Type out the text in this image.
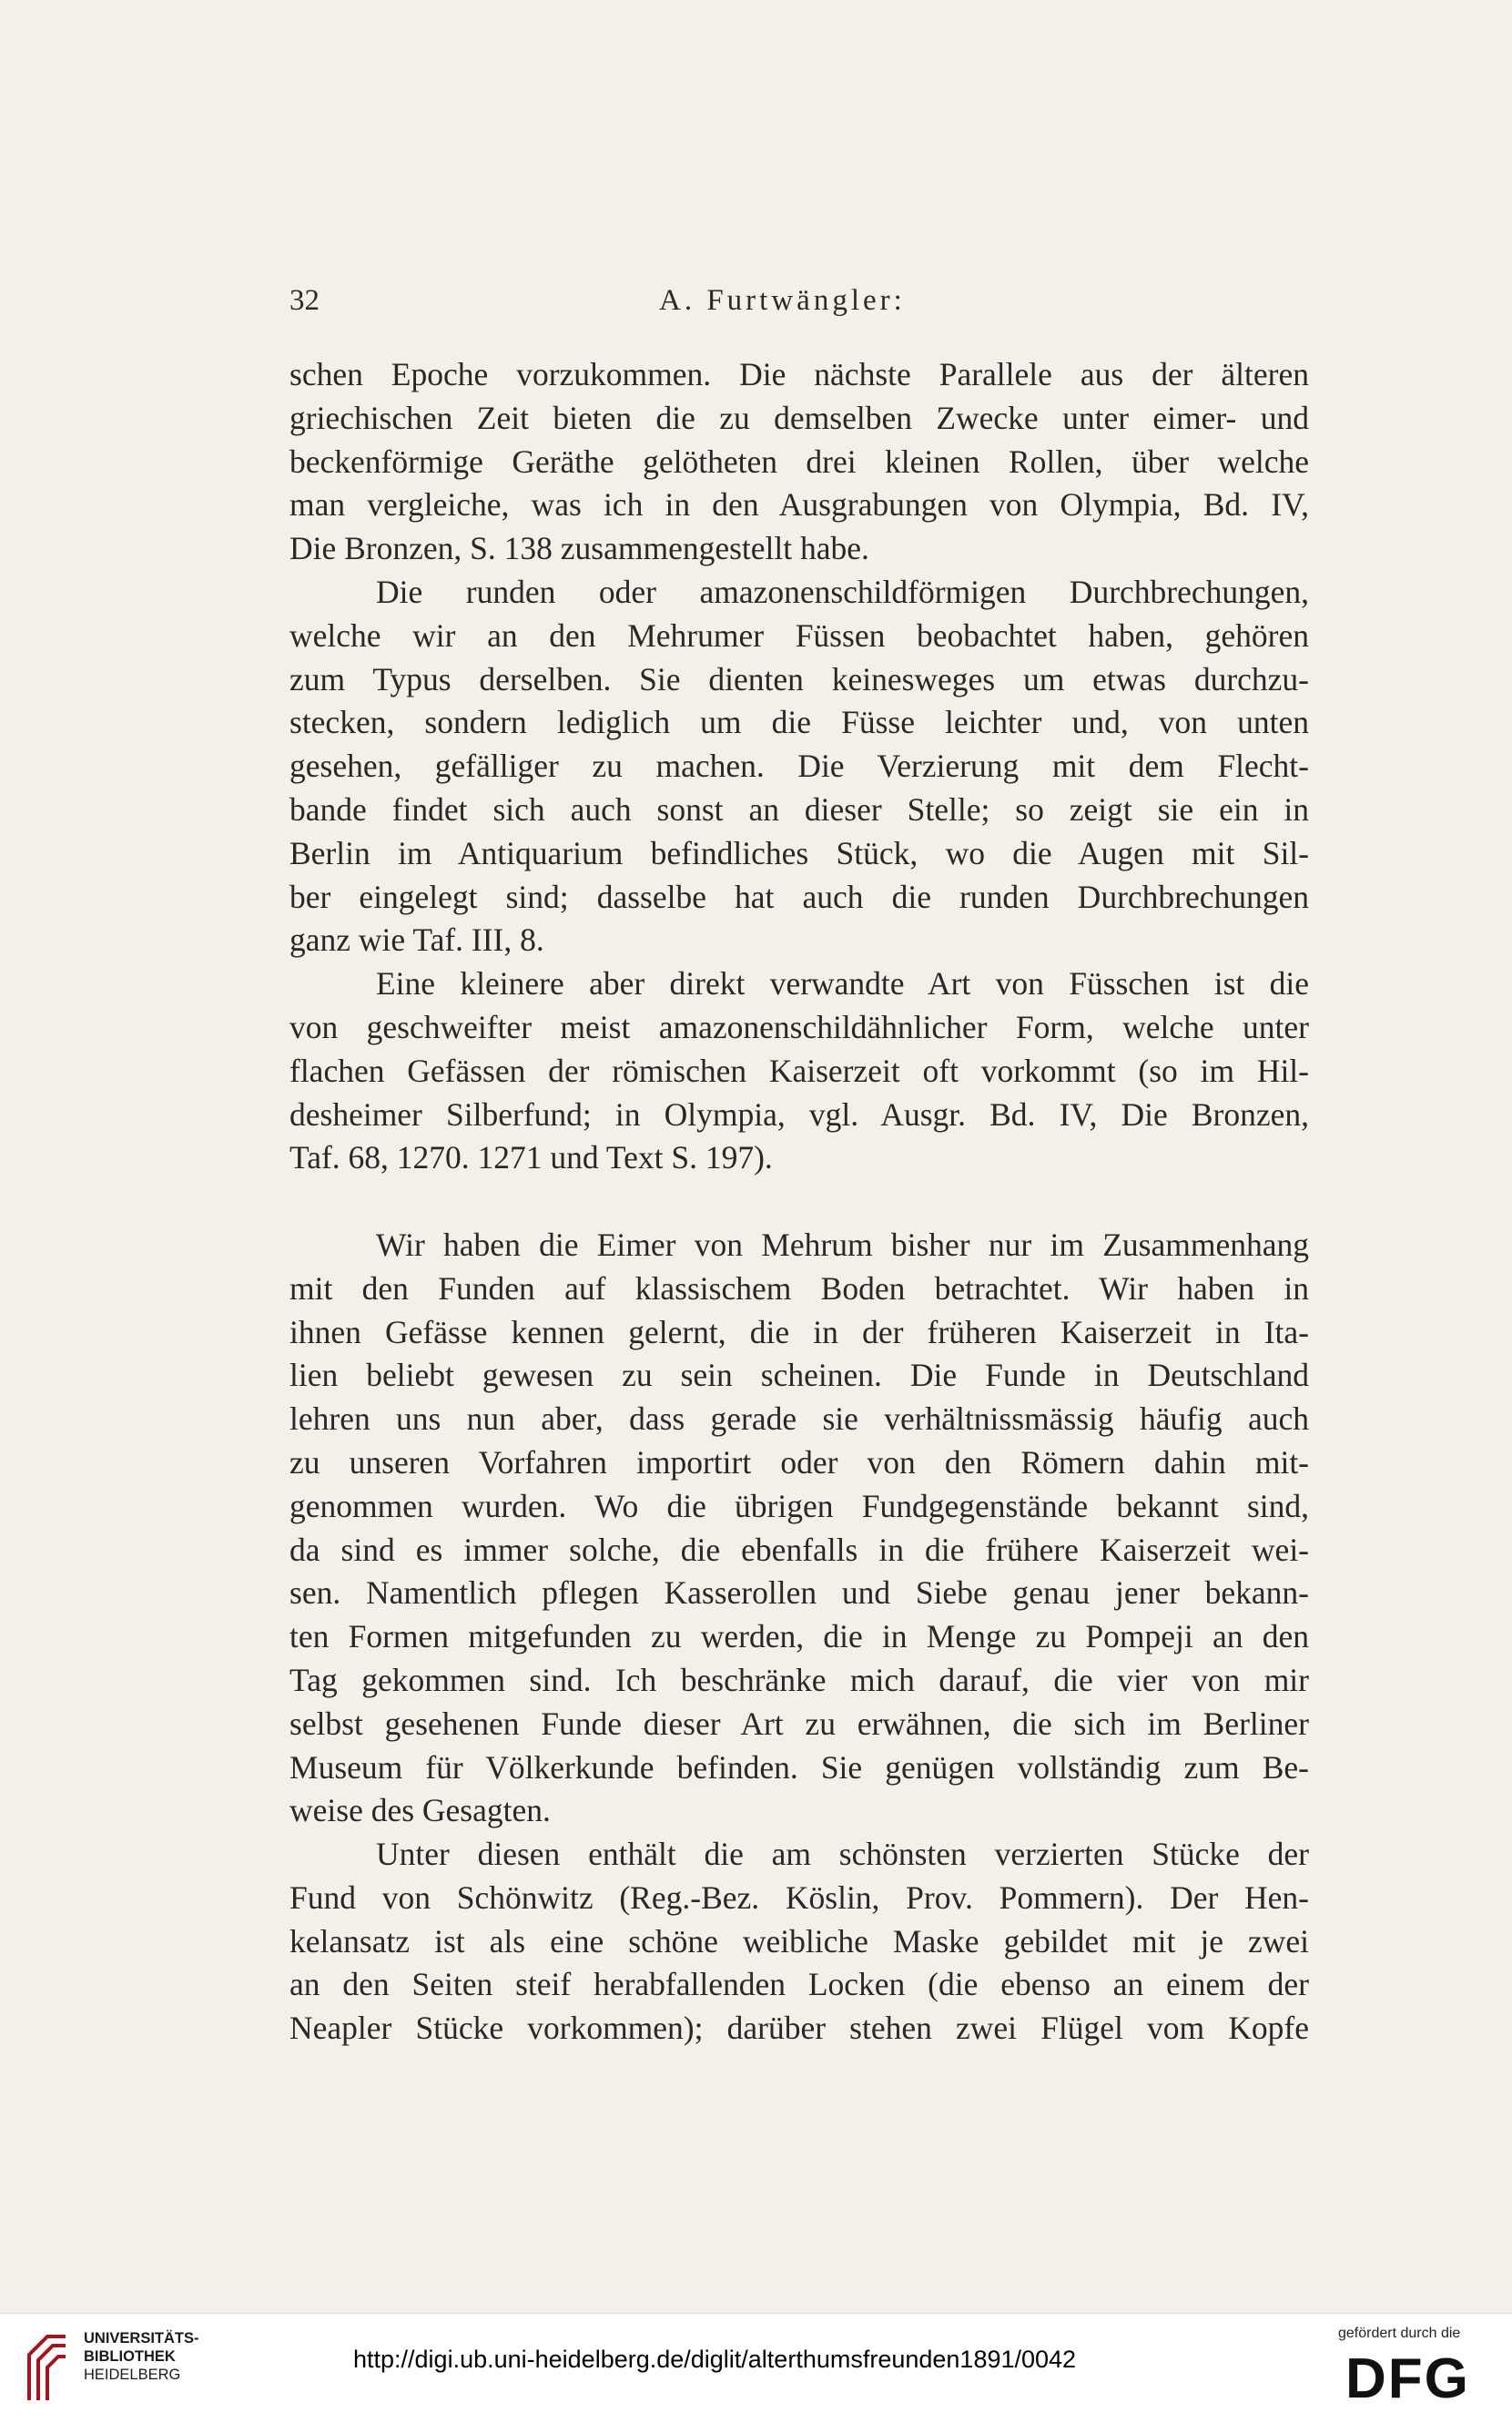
32	A. Furtwängler:
schen Epoche vorzukommen. Die nächste Parallele aus der älteren
griechischen Zeit bieten die zu demselben Zwecke unter eimer- und
beckenförmige Geräthe gelötheten drei kleinen Rollen, über welche
man vergleiche, was ich in den Ausgrabungen von Olympia, Bd. IV,
Die Bronzen, S. 138 zusammengestellt habe.
Die runden oder amazonenschildförmigen Durchbrechungen,
welche wir an den Mehrumer Füssen beobachtet haben, gehören
zum Typus derselben. Sie dienten keinesweges um etwas durchzu-
stecken, sondern lediglich um die Füsse leichter und, von unten
gesehen, gefälliger zu machen. Die Verzierung mit dem Flecht-
bande findet sich auch sonst an dieser Stelle; so zeigt sie ein in
Berlin im Antiquarium befindliches Stück, wo die Augen mit Sil-
ber eingelegt sind; dasselbe hat auch die runden Durchbrechungen
ganz wie Taf. III, 8.
Eine kleinere aber direkt verwandte Art von Füsschen ist die
von geschweifter meist amazonenschildähnlicher Form, welche unter
flachen Gefässen der römischen Kaiserzeit oft vorkommt (so im Hil-
desheimer Silberfund; in Olympia, vgl. Ausgr. Bd. IV, Die Bronzen,
Taf. 68, 1270. 1271 und Text S. 197).
Wir haben die Eimer von Mehrum bisher nur im Zusammenhang
mit den Funden auf klassischem Boden betrachtet. Wir haben in
ihnen Gefässe kennen gelernt, die in der früheren Kaiserzeit in Ita-
lien beliebt gewesen zu sein scheinen. Die Funde in Deutschland
lehren uns nun aber, dass gerade sie verhältnissmässig häufig auch
zu unseren Vorfahren importirt oder von den Römern dahin mit-
genommen wurden. Wo die übrigen Fundgegenstände bekannt sind,
da sind es immer solche, die ebenfalls in die frühere Kaiserzeit wei-
sen. Namentlich pflegen Kasserollen und Siebe genau jener bekann-
ten Formen mitgefunden zu werden, die in Menge zu Pompeji an den
Tag gekommen sind. Ich beschränke mich darauf, die vier von mir
selbst gesehenen Funde dieser Art zu erwähnen, die sich im Berliner
Museum für Völkerkunde befinden. Sie genügen vollständig zum Be-
weise des Gesagten.
Unter diesen enthält die am schönsten verzierten Stücke der
Fund von Schönwitz (Reg.-Bez. Köslin, Prov. Pommern). Der Hen-
kelansatz ist als eine schöne weibliche Maske gebildet mit je zwei
an den Seiten steif herabfallenden Locken (die ebenso an einem der
Neapler Stücke vorkommen); darüber stehen zwei Flügel vom Kopfe
UNIVERSITÄTS-
BIBLIOTHEK
HEIDELBERG
http://digi.ub.uni-heidelberg.de/diglit/alterthumsfreunden1891/0042
gefördert durch die
DFG
